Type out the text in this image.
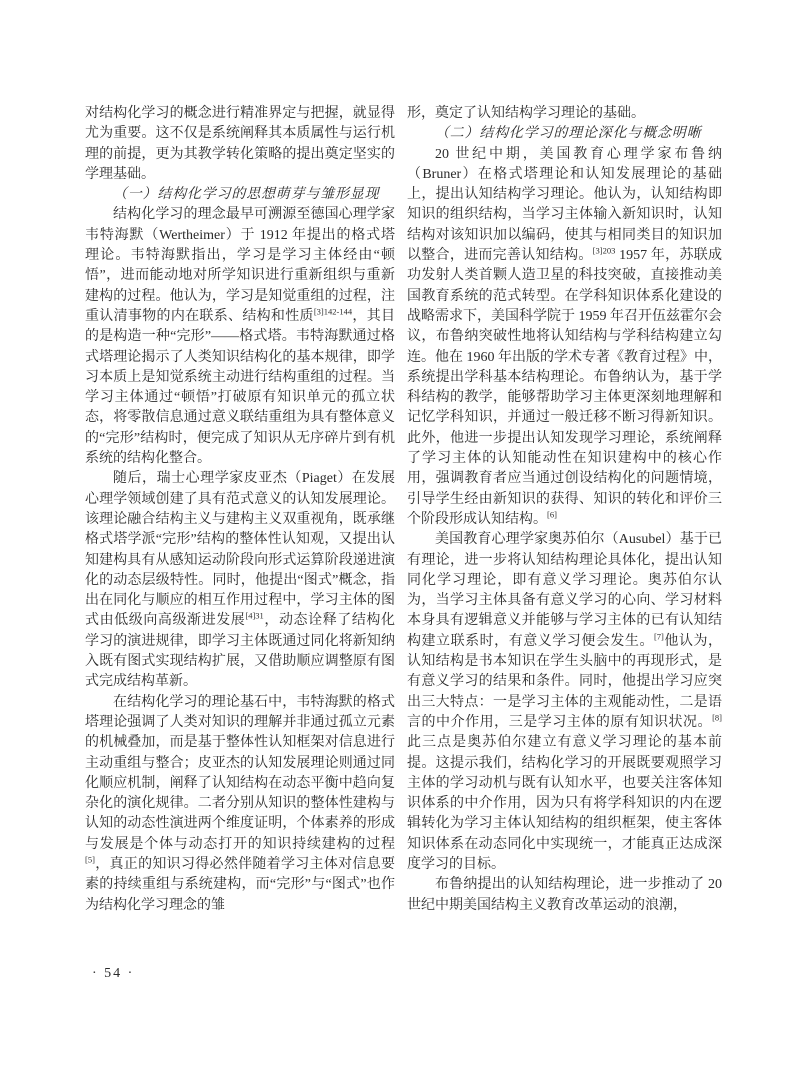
对结构化学习的概念进行精准界定与把握，就显得尤为重要。这不仅是系统阐释其本质属性与运行机理的前提，更为其教学转化策略的提出奠定坚实的学理基础。

（一）结构化学习的思想萌芽与雏形显现

结构化学习的理念最早可溯源至德国心理学家韦特海默（Wertheimer）于 1912 年提出的格式塔理论。韦特海默指出，学习是学习主体经由“顿悟”，进而能动地对所学知识进行重新组织与重新建构的过程。他认为，学习是知觉重组的过程，注重认清事物的内在联系、结构和性质$^{[3]142-144}$，其目的是构造一种“完形”——格式塔。韦特海默通过格式塔理论揭示了人类知识结构化的基本规律，即学习本质上是知觉系统主动进行结构重组的过程。当学习主体通过“顿悟”打破原有知识单元的孤立状态，将零散信息通过意义联结重组为具有整体意义的“完形”结构时，便完成了知识从无序碎片到有机系统的结构化整合。

随后，瑞士心理学家皮亚杰（Piaget）在发展心理学领域创建了具有范式意义的认知发展理论。该理论融合结构主义与建构主义双重视角，既承继格式塔学派“完形”结构的整体性认知观，又提出认知建构具有从感知运动阶段向形式运算阶段递进演化的动态层级特性。同时，他提出“图式”概念，指出在同化与顺应的相互作用过程中，学习主体的图式由低级向高级渐进发展$^{[4]31}$，动态诠释了结构化学习的演进规律，即学习主体既通过同化将新知纳入既有图式实现结构扩展，又借助顺应调整原有图式完成结构革新。

在结构化学习的理论基石中，韦特海默的格式塔理论强调了人类对知识的理解并非通过孤立元素的机械叠加，而是基于整体性认知框架对信息进行主动重组与整合；皮亚杰的认知发展理论则通过同化顺应机制，阐释了认知结构在动态平衡中趋向复杂化的演化规律。二者分别从知识的整体性建构与认知的动态性演进两个维度证明，个体素养的形成与发展是个体与动态打开的知识持续建构的过程[5]，真正的知识习得必然伴随着学习主体对信息要素的持续重组与系统建构，而“完形”与“图式”也作为结构化学习理念的雏

形，奠定了认知结构学习理论的基础。

（二）结构化学习的理论深化与概念明晰

20 世纪中期，美国教育心理学家布鲁纳（Bruner）在格式塔理论和认知发展理论的基础上，提出认知结构学习理论。他认为，认知结构即知识的组织结构，当学习主体输入新知识时，认知结构对该知识加以编码，使其与相同类目的知识加以整合，进而完善认知结构。$^{[3]203}$ 1957 年，苏联成功发射人类首颗人造卫星的科技突破，直接推动美国教育系统的范式转型。在学科知识体系化建设的战略需求下，美国科学院于 1959 年召开伍兹霍尔会议，布鲁纳突破性地将认知结构与学科结构建立勾连。他在 1960 年出版的学术专著《教育过程》中，系统提出学科基本结构理论。布鲁纳认为，基于学科结构的教学，能够帮助学习主体更深刻地理解和记忆学科知识，并通过一般迁移不断习得新知识。此外，他进一步提出认知发现学习理论，系统阐释了学习主体的认知能动性在知识建构中的核心作用，强调教育者应当通过创设结构化的问题情境，引导学生经由新知识的获得、知识的转化和评价三个阶段形成认知结构。[6]

美国教育心理学家奥苏伯尔（Ausubel）基于已有理论，进一步将认知结构理论具体化，提出认知同化学习理论，即有意义学习理论。奥苏伯尔认为，当学习主体具备有意义学习的心向、学习材料本身具有逻辑意义并能够与学习主体的已有认知结构建立联系时，有意义学习便会发生。[7]他认为，认知结构是书本知识在学生头脑中的再现形式，是有意义学习的结果和条件。同时，他提出学习应突出三大特点：一是学习主体的主观能动性，二是语言的中介作用，三是学习主体的原有知识状况。[8]此三点是奥苏伯尔建立有意义学习理论的基本前提。这提示我们，结构化学习的开展既要观照学习主体的学习动机与既有认知水平，也要关注客体知识体系的中介作用，因为只有将学科知识的内在逻辑转化为学习主体认知结构的组织框架，使主客体知识体系在动态同化中实现统一，才能真正达成深度学习的目标。

布鲁纳提出的认知结构理论，进一步推动了 20 世纪中期美国结构主义教育改革运动的浪潮，

· 54 ·
